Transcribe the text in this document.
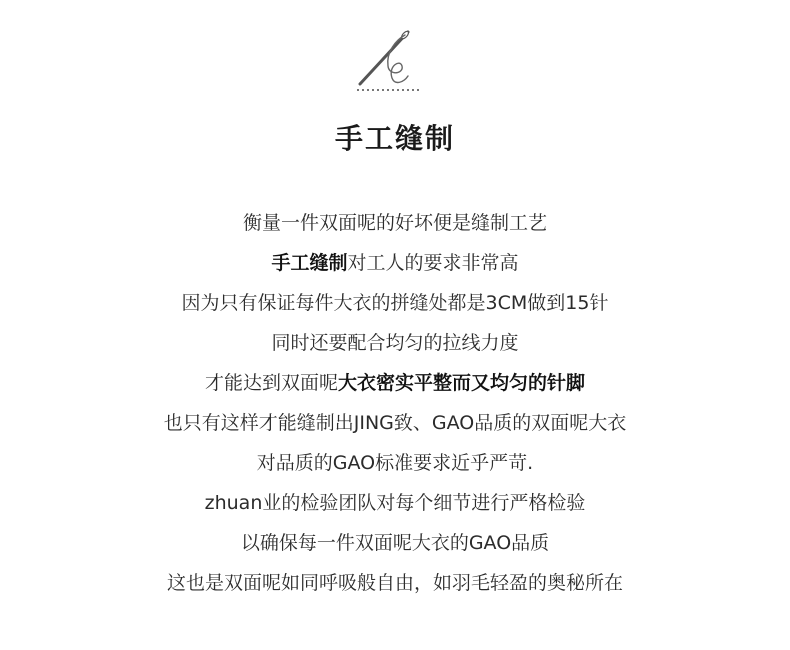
手工缝制
衡量一件双面呢的好坏便是缝制工艺
手工缝制对工人的要求非常高
因为只有保证每件大衣的拼缝处都是3CM做到15针
同时还要配合均匀的拉线力度
才能达到双面呢大衣密实平整而又均匀的针脚
也只有这样才能缝制出JING致、GAO品质的双面呢大衣
对品质的GAO标准要求近乎严苛.
zhuan业的检验团队对每个细节进行严格检验
以确保每一件双面呢大衣的GAO品质
这也是双面呢如同呼吸般自由，如羽毛轻盈的奥秘所在
